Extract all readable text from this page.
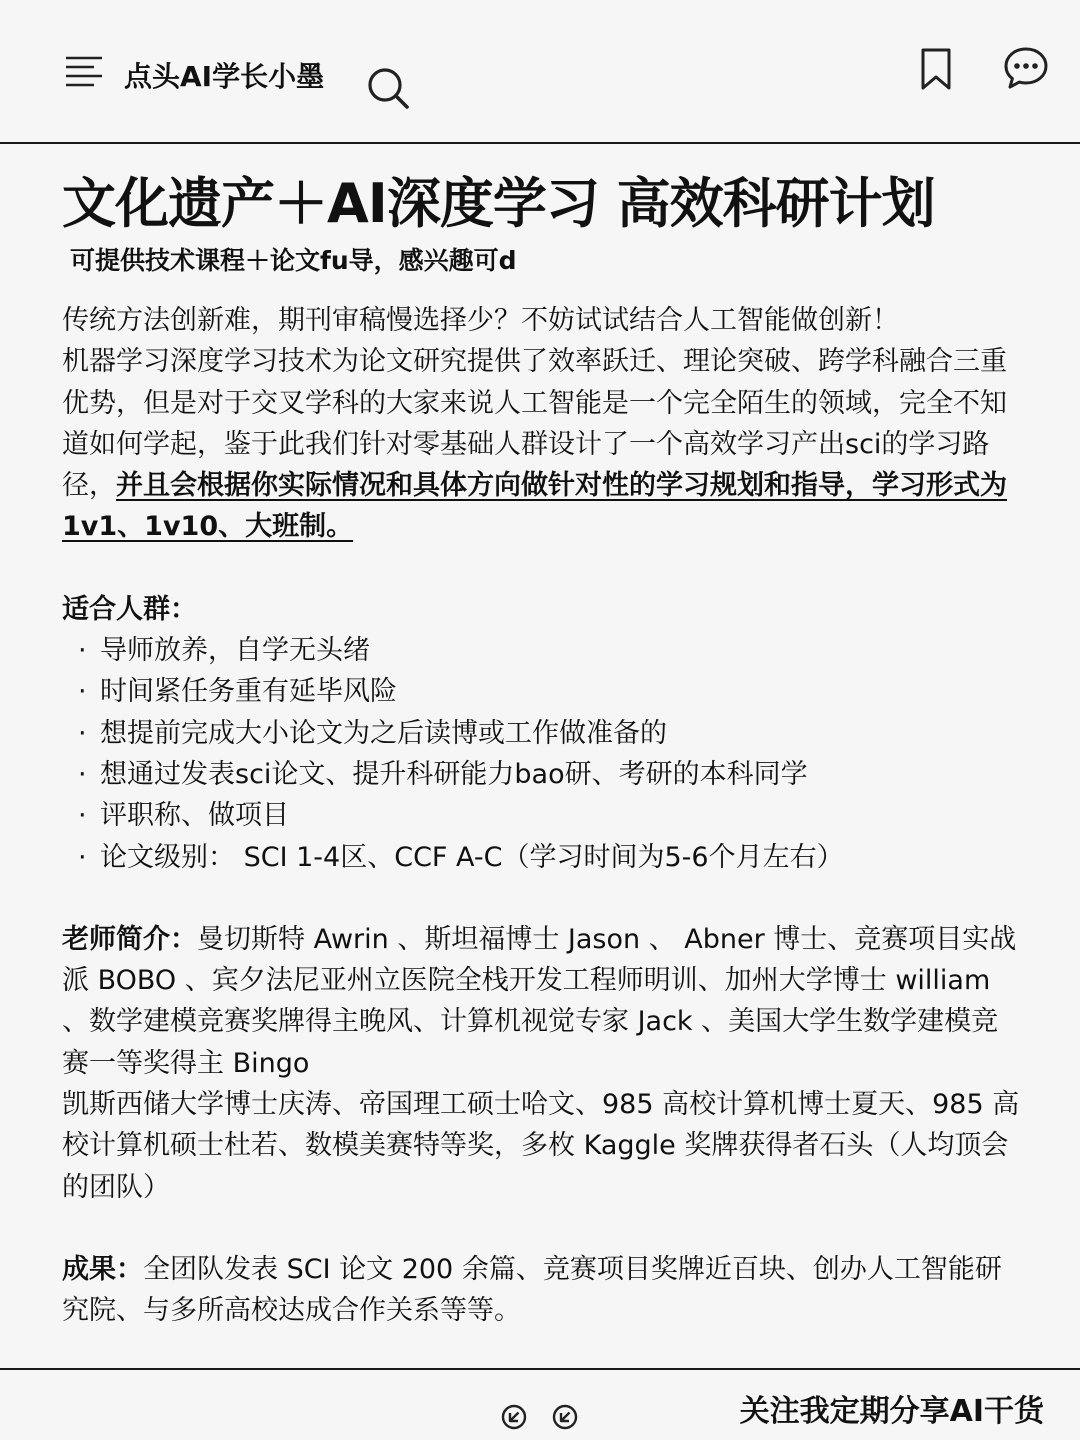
点头AI学长小墨
文化遗产＋AI深度学习 高效科研计划
可提供技术课程＋论文fu导，感兴趣可d
传统方法创新难，期刊审稿慢选择少？不妨试试结合人工智能做创新！
机器学习深度学习技术为论文研究提供了效率跃迁、理论突破、跨学科融合三重优势，但是对于交叉学科的大家来说人工智能是一个完全陌生的领域，完全不知道如何学起，鉴于此我们针对零基础人群设计了一个高效学习产出sci的学习路径，并且会根据你实际情况和具体方向做针对性的学习规划和指导，学习形式为1v1、1v10、大班制。
适合人群：
· 导师放养，自学无头绪
· 时间紧任务重有延毕风险
· 想提前完成大小论文为之后读博或工作做准备的
· 想通过发表sci论文、提升科研能力bao研、考研的本科同学
· 评职称、做项目
· 论文级别： SCI 1-4区、CCF A-C（学习时间为5-6个月左右）
老师简介：曼切斯特 Awrin 、斯坦福博士 Jason 、 Abner 博士、竞赛项目实战派 BOBO 、宾夕法尼亚州立医院全栈开发工程师明训、加州大学博士 william 、数学建模竞赛奖牌得主晚风、计算机视觉专家 Jack 、美国大学生数学建模竞赛一等奖得主 Bingo
凯斯西储大学博士庆涛、帝国理工硕士哈文、985 高校计算机博士夏天、985 高校计算机硕士杜若、数模美赛特等奖，多枚 Kaggle 奖牌获得者石头（人均顶会的团队）
成果：全团队发表 SCI 论文 200 余篇、竞赛项目奖牌近百块、创办人工智能研究院、与多所高校达成合作关系等等。
关注我定期分享AI干货
